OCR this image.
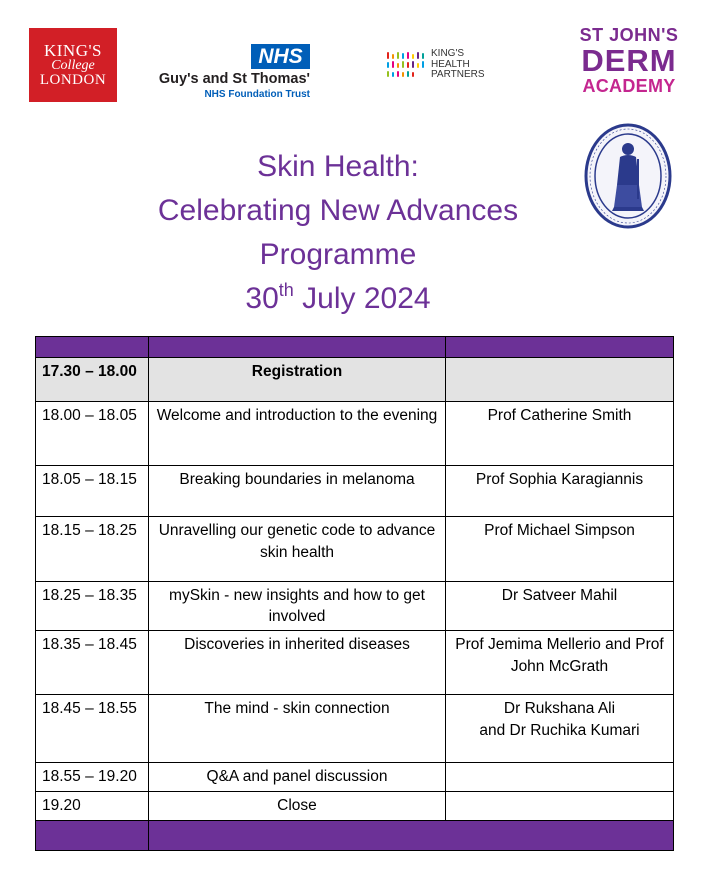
KING'S
College
LONDON
NHS
Guy's and St Thomas'
NHS Foundation Trust
KING'S
HEALTH
PARTNERS
ST JOHN'S
DERM
ACADEMY
Skin Health:
Celebrating New Advances
Programme
30th July 2024

17.30 – 18.00	Registration	
18.00 – 18.05	Welcome and introduction to the evening	Prof Catherine Smith
18.05 – 18.15	Breaking boundaries in melanoma	Prof Sophia Karagiannis
18.15 – 18.25	Unravelling our genetic code to advance skin health	Prof Michael Simpson
18.25 – 18.35	mySkin - new insights and how to get involved	Dr Satveer Mahil
18.35 – 18.45	Discoveries in inherited diseases	Prof Jemima Mellerio and Prof John McGrath
18.45 – 18.55	The mind - skin connection	Dr Rukshana Ali
and Dr Ruchika Kumari

18.55 – 19.20	Q&A and panel discussion	
19.20	Close	
